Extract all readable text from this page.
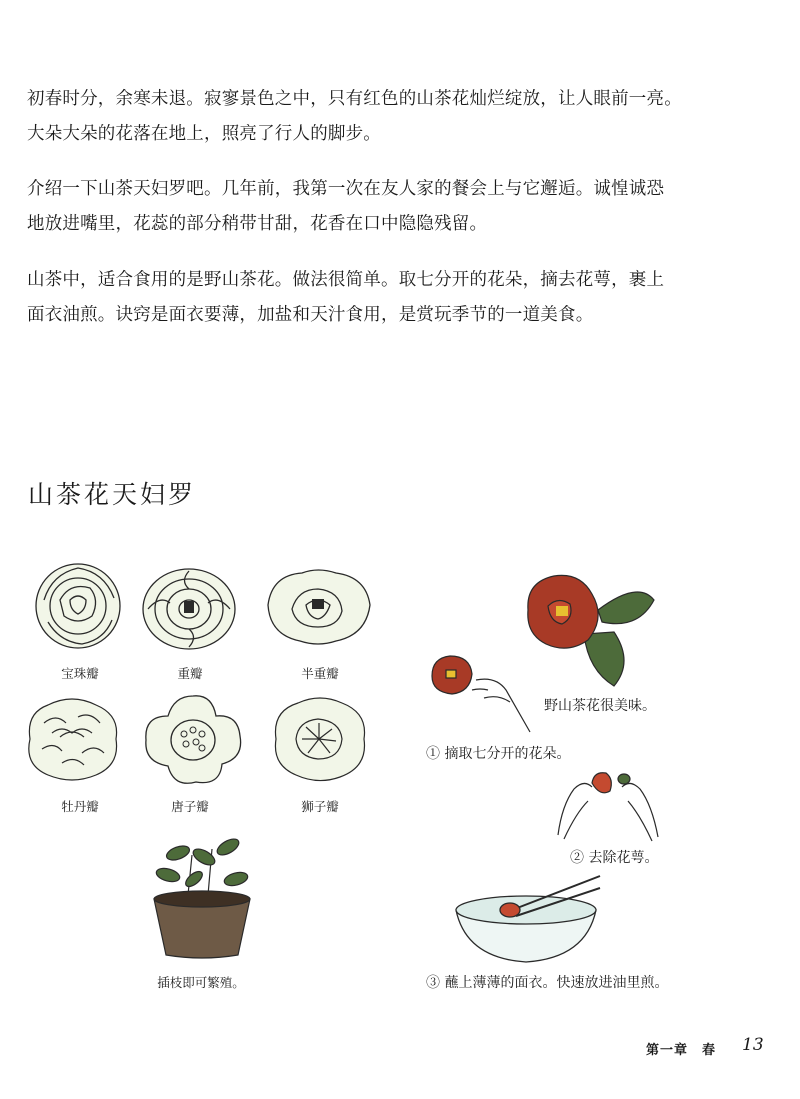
初春时分，余寒未退。寂寥景色之中，只有红色的山茶花灿烂绽放，让人眼前一亮。
大朵大朵的花落在地上，照亮了行人的脚步。

介绍一下山茶天妇罗吧。几年前，我第一次在友人家的餐会上与它邂逅。诚惶诚恐
地放进嘴里，花蕊的部分稍带甘甜，花香在口中隐隐残留。

山茶中，适合食用的是野山茶花。做法很简单。取七分开的花朵，摘去花萼，裹上
面衣油煎。诀窍是面衣要薄，加盐和天汁食用，是赏玩季节的一道美食。

山茶花天妇罗
宝珠瓣	重瓣	半重瓣
牡丹瓣	唐子瓣	狮子瓣
插枝即可繁殖。
野山茶花很美味。
① 摘取七分开的花朵。
② 去除花萼。
③ 蘸上薄薄的面衣。快速放进油里煎。
第一章　春 13
